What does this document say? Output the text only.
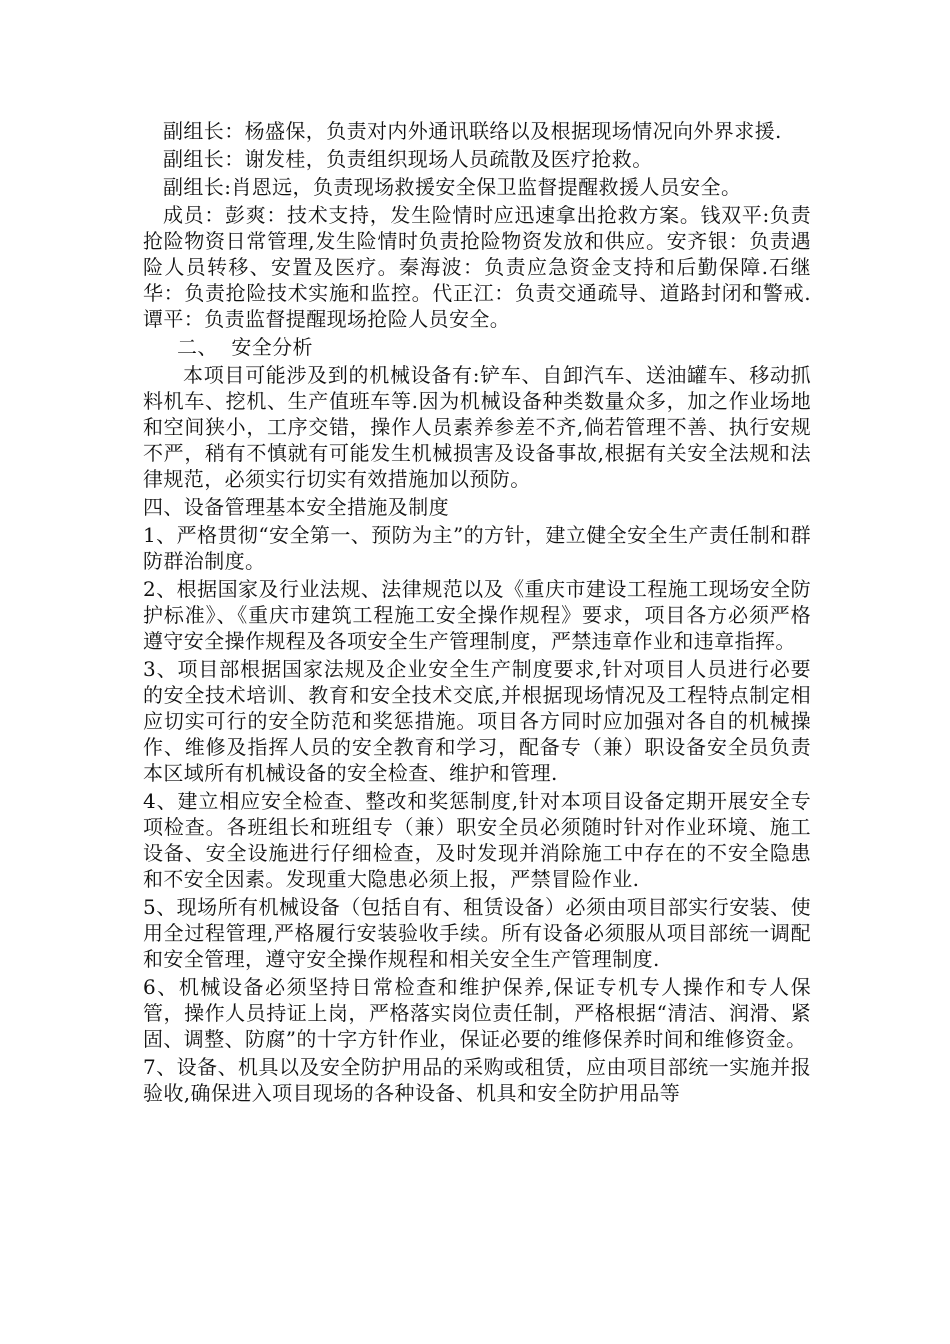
副组长：杨盛保，负责对内外通讯联络以及根据现场情况向外界求援.

副组长：谢发桂，负责组织现场人员疏散及医疗抢救。

副组长:肖恩远，负责现场救援安全保卫监督提醒救援人员安全。

成员：彭爽：技术支持，发生险情时应迅速拿出抢救方案。钱双平:负责抢险物资日常管理,发生险情时负责抢险物资发放和供应。安齐银：负责遇险人员转移、安置及医疗。秦海波：负责应急资金支持和后勤保障.石继华：负责抢险技术实施和监控。代正江：负责交通疏导、道路封闭和警戒.谭平：负责监督提醒现场抢险人员安全。

二、  安全分析

本项目可能涉及到的机械设备有:铲车、自卸汽车、送油罐车、移动抓料机车、挖机、生产值班车等.因为机械设备种类数量众多，加之作业场地和空间狭小，工序交错，操作人员素养参差不齐,倘若管理不善、执行安规不严，稍有不慎就有可能发生机械损害及设备事故,根据有关安全法规和法律规范，必须实行切实有效措施加以预防。

四、设备管理基本安全措施及制度

1、严格贯彻“安全第一、预防为主”的方针，建立健全安全生产责任制和群防群治制度。

2、根据国家及行业法规、法律规范以及《重庆市建设工程施工现场安全防护标准》、《重庆市建筑工程施工安全操作规程》要求，项目各方必须严格遵守安全操作规程及各项安全生产管理制度，严禁违章作业和违章指挥。

3、项目部根据国家法规及企业安全生产制度要求,针对项目人员进行必要的安全技术培训、教育和安全技术交底,并根据现场情况及工程特点制定相应切实可行的安全防范和奖惩措施。项目各方同时应加强对各自的机械操作、维修及指挥人员的安全教育和学习，配备专（兼）职设备安全员负责本区域所有机械设备的安全检查、维护和管理.

4、建立相应安全检查、整改和奖惩制度,针对本项目设备定期开展安全专项检查。各班组长和班组专（兼）职安全员必须随时针对作业环境、施工设备、安全设施进行仔细检查，及时发现并消除施工中存在的不安全隐患和不安全因素。发现重大隐患必须上报，严禁冒险作业.

5、现场所有机械设备（包括自有、租赁设备）必须由项目部实行安装、使用全过程管理,严格履行安装验收手续。所有设备必须服从项目部统一调配和安全管理，遵守安全操作规程和相关安全生产管理制度.

6、机械设备必须坚持日常检查和维护保养,保证专机专人操作和专人保管，操作人员持证上岗，严格落实岗位责任制，严格根据“清洁、润滑、紧固、调整、防腐”的十字方针作业，保证必要的维修保养时间和维修资金。

7、设备、机具以及安全防护用品的采购或租赁，应由项目部统一实施并报验收,确保进入项目现场的各种设备、机具和安全防护用品等
